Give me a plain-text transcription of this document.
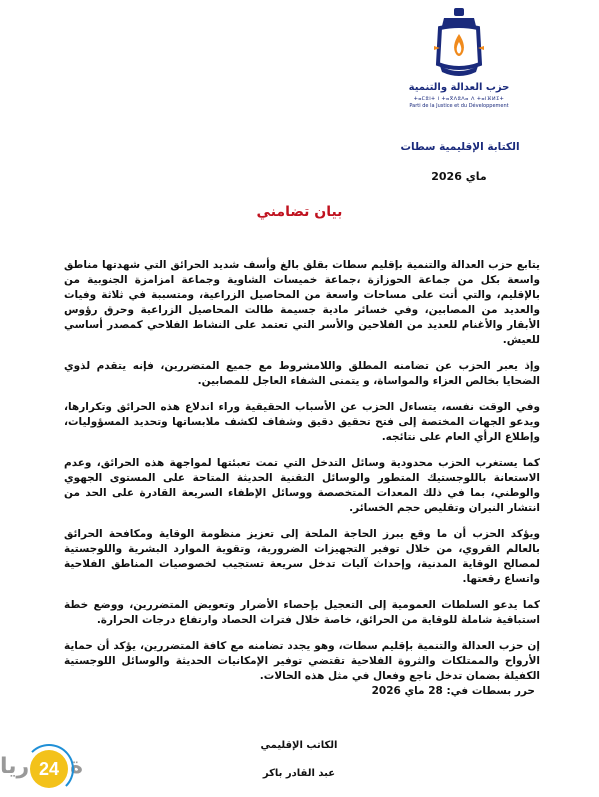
حزب العدالة والتنمية
ⵜⴰⵎⵓⵏⵜ ⵏ ⵜⴰⴳⴷⵓⴷⴰ ⴷ ⵜⴰⵏⴼⵍⵉⵜ
Parti de la Justice et du Développement
الكتابة الإقليمية سطات
ماي 2026
بيان تضامني

يتابع حزب العدالة والتنمية بإقليم سطات بقلق بالغ وأسف شديد الحرائق التي شهدتها مناطق واسعة بكل من جماعة الحوزازة ،جماعة خميسات الشاوية وجماعة امزامزة الجنوبية من بالإقليم، والتي أتت على مساحات واسعة من المحاصيل الزراعية، ومتسببة في ثلاثة وفيات والعديد من المصابين، وفي خسائر مادية جسيمة طالت المحاصيل الزراعية وحرق رؤوس الأبقار والأغنام للعديد من الفلاحين والأسر التي تعتمد على النشاط الفلاحي كمصدر أساسي للعيش.

وإذ يعبر الحزب عن تضامنه المطلق واللامشروط مع جميع المتضررين، فإنه يتقدم لذوي الضحايا بخالص العزاء والمواساة، و يتمنى الشفاء العاجل للمصابين.

وفي الوقت نفسه، يتساءل الحزب عن الأسباب الحقيقية وراء اندلاع هذه الحرائق وتكرارها، ويدعو الجهات المختصة إلى فتح تحقيق دقيق وشفاف لكشف ملابساتها وتحديد المسؤوليات، وإطلاع الرأي العام على نتائجه.

كما يستغرب الحزب محدودية وسائل التدخل التي تمت تعبئتها لمواجهة هذه الحرائق، وعدم الاستعانة باللوجستيك المتطور والوسائل التقنية الحديثة المتاحة على المستوى الجهوي والوطني، بما في ذلك المعدات المتخصصة ووسائل الإطفاء السريعة القادرة على الحد من انتشار النيران وتقليص حجم الخسائر.

ويؤكد الحزب أن ما وقع يبرز الحاجة الملحة إلى تعزيز منظومة الوقاية ومكافحة الحرائق بالعالم القروي، من خلال توفير التجهيزات الضرورية، وتقوية الموارد البشرية واللوجستية لمصالح الوقاية المدنية، وإحداث آليات تدخل سريعة تستجيب لخصوصيات المناطق الفلاحية واتساع رقعتها.

كما يدعو السلطات العمومية إلى التعجيل بإحصاء الأضرار وتعويض المتضررين، ووضع خطة استباقية شاملة للوقاية من الحرائق، خاصة خلال فترات الحصاد وارتفاع درجات الحرارة.

إن حزب العدالة والتنمية بإقليم سطات، وهو يجدد تضامنه مع كافة المتضررين، يؤكد أن حماية الأرواح والممتلكات والثروة الفلاحية تقتضي توفير الإمكانيات الحديثة والوسائل اللوجستية الكفيلة بضمان تدخل ناجع وفعال في مثل هذه الحالات.

حرر بسطات في: 28 ماي 2026
الكاتب الإقليمي
عبد القادر باكر
ريا ة
24
